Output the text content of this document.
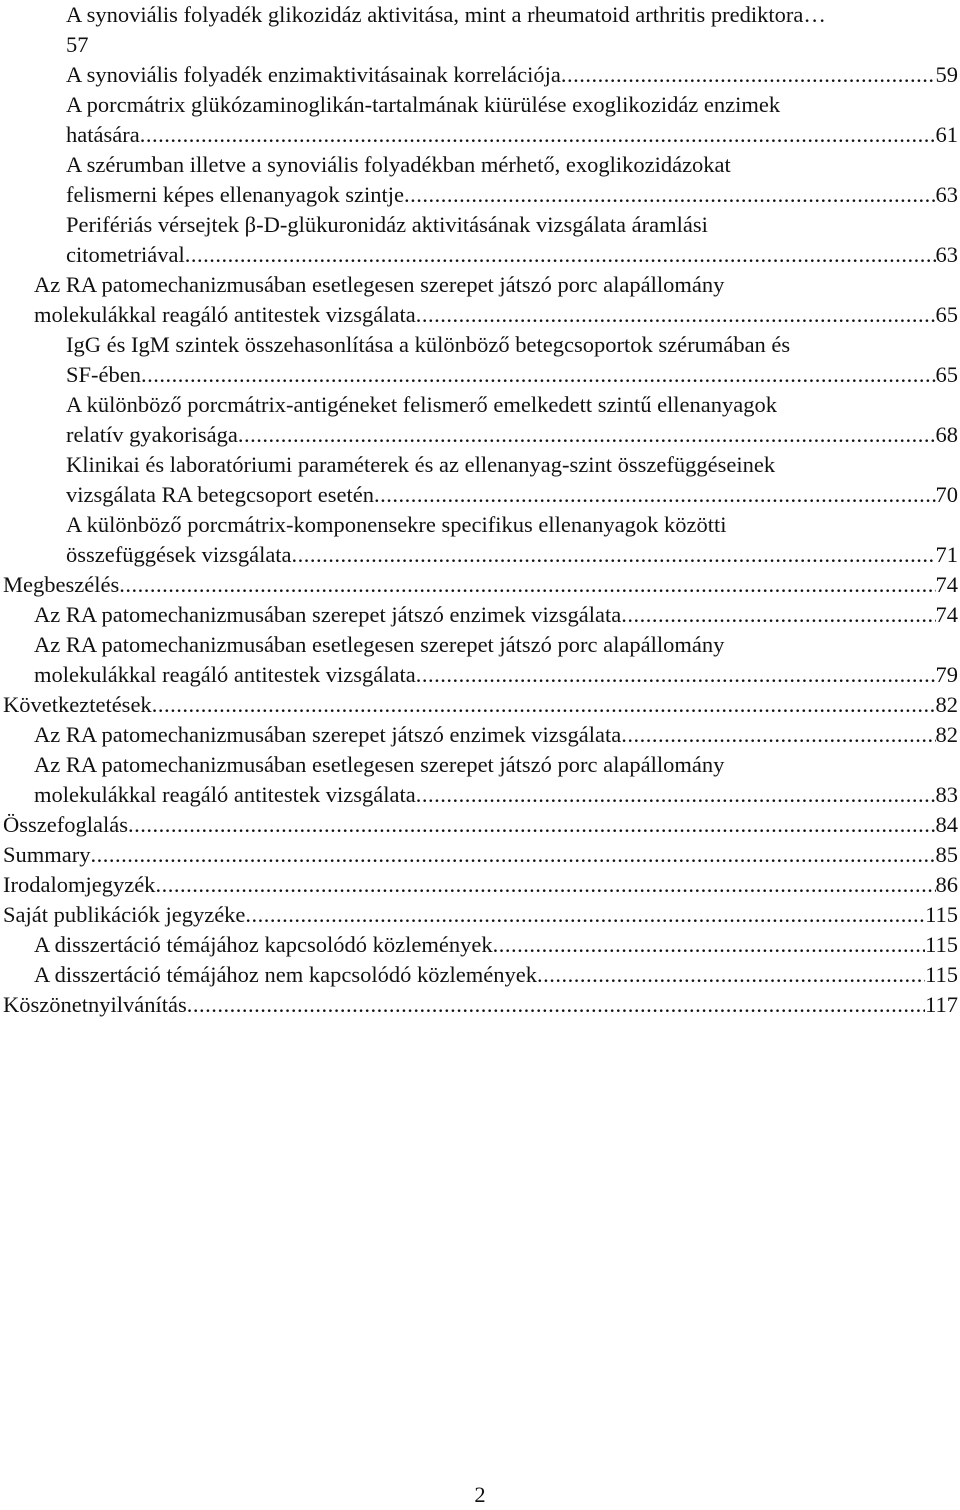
A synoviális folyadék glikozidáz aktivitása, mint a rheumatoid arthritis prediktora…
57
A synoviális folyadék enzimaktivitásainak korrelációja .....	59
A porcmátrix glükózaminoglikán-tartalmának kiürülése exoglikozidáz enzimek
hatására .....	61
A szérumban illetve a synoviális folyadékban mérhető, exoglikozidázokat
felismerni képes ellenanyagok szintje .....	63
Perifériás vérsejtek β-D-glükuronidáz aktivitásának vizsgálata áramlási
citometriával .....	63
Az RA patomechanizmusában esetlegesen szerepet játszó porc alapállomány
molekulákkal reagáló antitestek vizsgálata .....	65
IgG és IgM szintek összehasonlítása a különböző betegcsoportok szérumában és
SF-ében .....	65
A különböző porcmátrix-antigéneket felismerő emelkedett szintű ellenanyagok
relatív gyakorisága .....	68
Klinikai és laboratóriumi paraméterek és az ellenanyag-szint összefüggéseinek
vizsgálata RA betegcsoport esetén .....	70
A különböző porcmátrix-komponensekre specifikus ellenanyagok közötti
összefüggések vizsgálata .....	71
Megbeszélés .....	74
Az RA patomechanizmusában szerepet játszó enzimek vizsgálata .....	74
Az RA patomechanizmusában esetlegesen szerepet játszó porc alapállomány
molekulákkal reagáló antitestek vizsgálata .....	79
Következtetések .....	82
Az RA patomechanizmusában szerepet játszó enzimek vizsgálata .....	82
Az RA patomechanizmusában esetlegesen szerepet játszó porc alapállomány
molekulákkal reagáló antitestek vizsgálata .....	83
Összefoglalás .....	84
Summary .....	85
Irodalomjegyzék .....	86
Saját publikációk jegyzéke .....	115
A disszertáció témájához kapcsolódó közlemények .....	115
A disszertáció témájához nem kapcsolódó közlemények .....	115
Köszönetnyilvánítás .....	117
2
